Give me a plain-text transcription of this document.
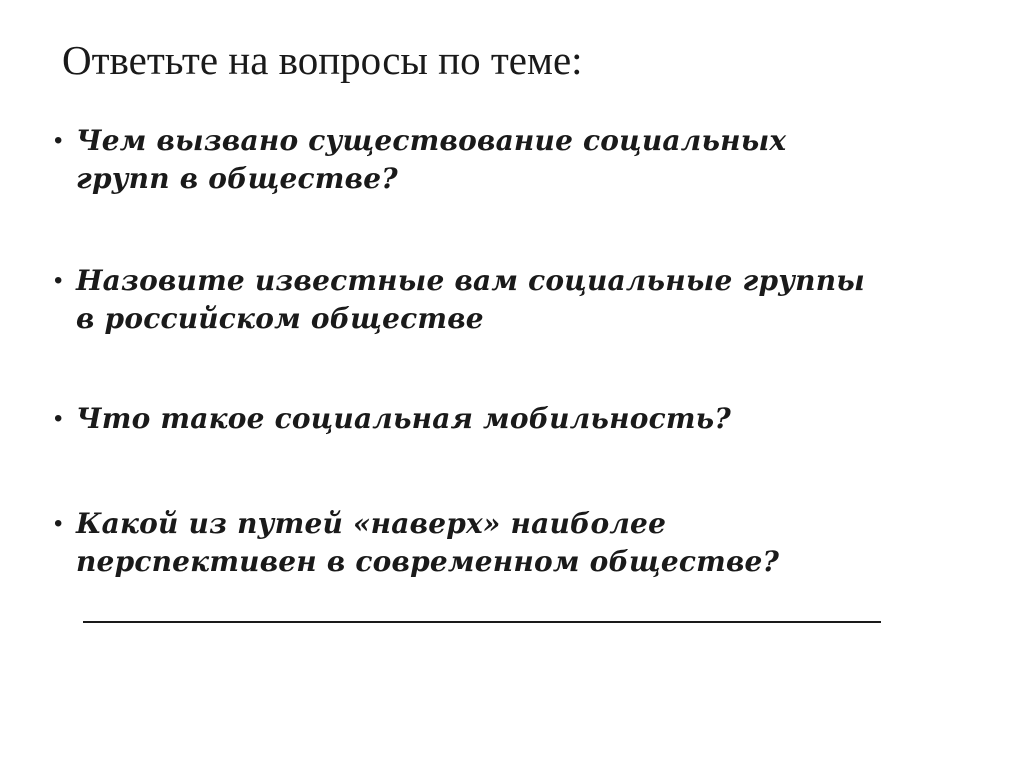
Ответьте на вопросы по теме:
• Чем вызвано существование социальных
групп в обществе?
• Назовите известные вам социальные группы
в российском обществе
• Что такое социальная мобильность?
• Какой из путей «наверх» наиболее
перспективен в современном обществе?
